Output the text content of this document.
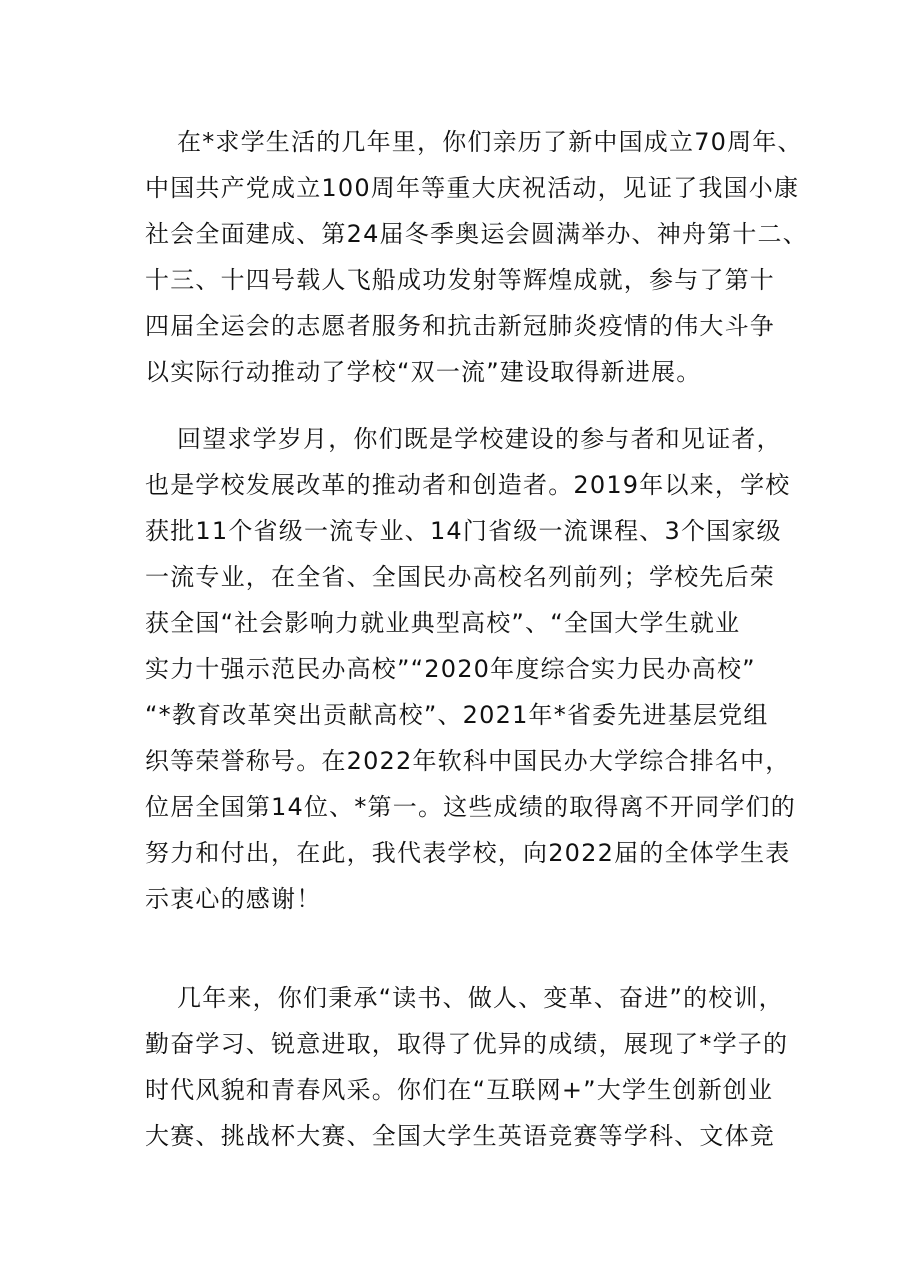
在*求学生活的几年里，你们亲历了新中国成立70周年、
中国共产党成立100周年等重大庆祝活动，见证了我国小康
社会全面建成、第24届冬季奥运会圆满举办、神舟第十二、
十三、十四号载人飞船成功发射等辉煌成就，参与了第十
四届全运会的志愿者服务和抗击新冠肺炎疫情的伟大斗争
以实际行动推动了学校“双一流”建设取得新进展。
回望求学岁月，你们既是学校建设的参与者和见证者，
也是学校发展改革的推动者和创造者。2019年以来，学校
获批11个省级一流专业、14门省级一流课程、3个国家级
一流专业，在全省、全国民办高校名列前列；学校先后荣
获全国“社会影响力就业典型高校”、“全国大学生就业
实力十强示范民办高校”“2020年度综合实力民办高校”
“*教育改革突出贡献高校”、2021年*省委先进基层党组
织等荣誉称号。在2022年软科中国民办大学综合排名中，
位居全国第14位、*第一。这些成绩的取得离不开同学们的
努力和付出，在此，我代表学校，向2022届的全体学生表
示衷心的感谢！
几年来，你们秉承“读书、做人、变革、奋进”的校训，
勤奋学习、锐意进取，取得了优异的成绩，展现了*学子的
时代风貌和青春风采。你们在“互联网+”大学生创新创业
大赛、挑战杯大赛、全国大学生英语竞赛等学科、文体竞
